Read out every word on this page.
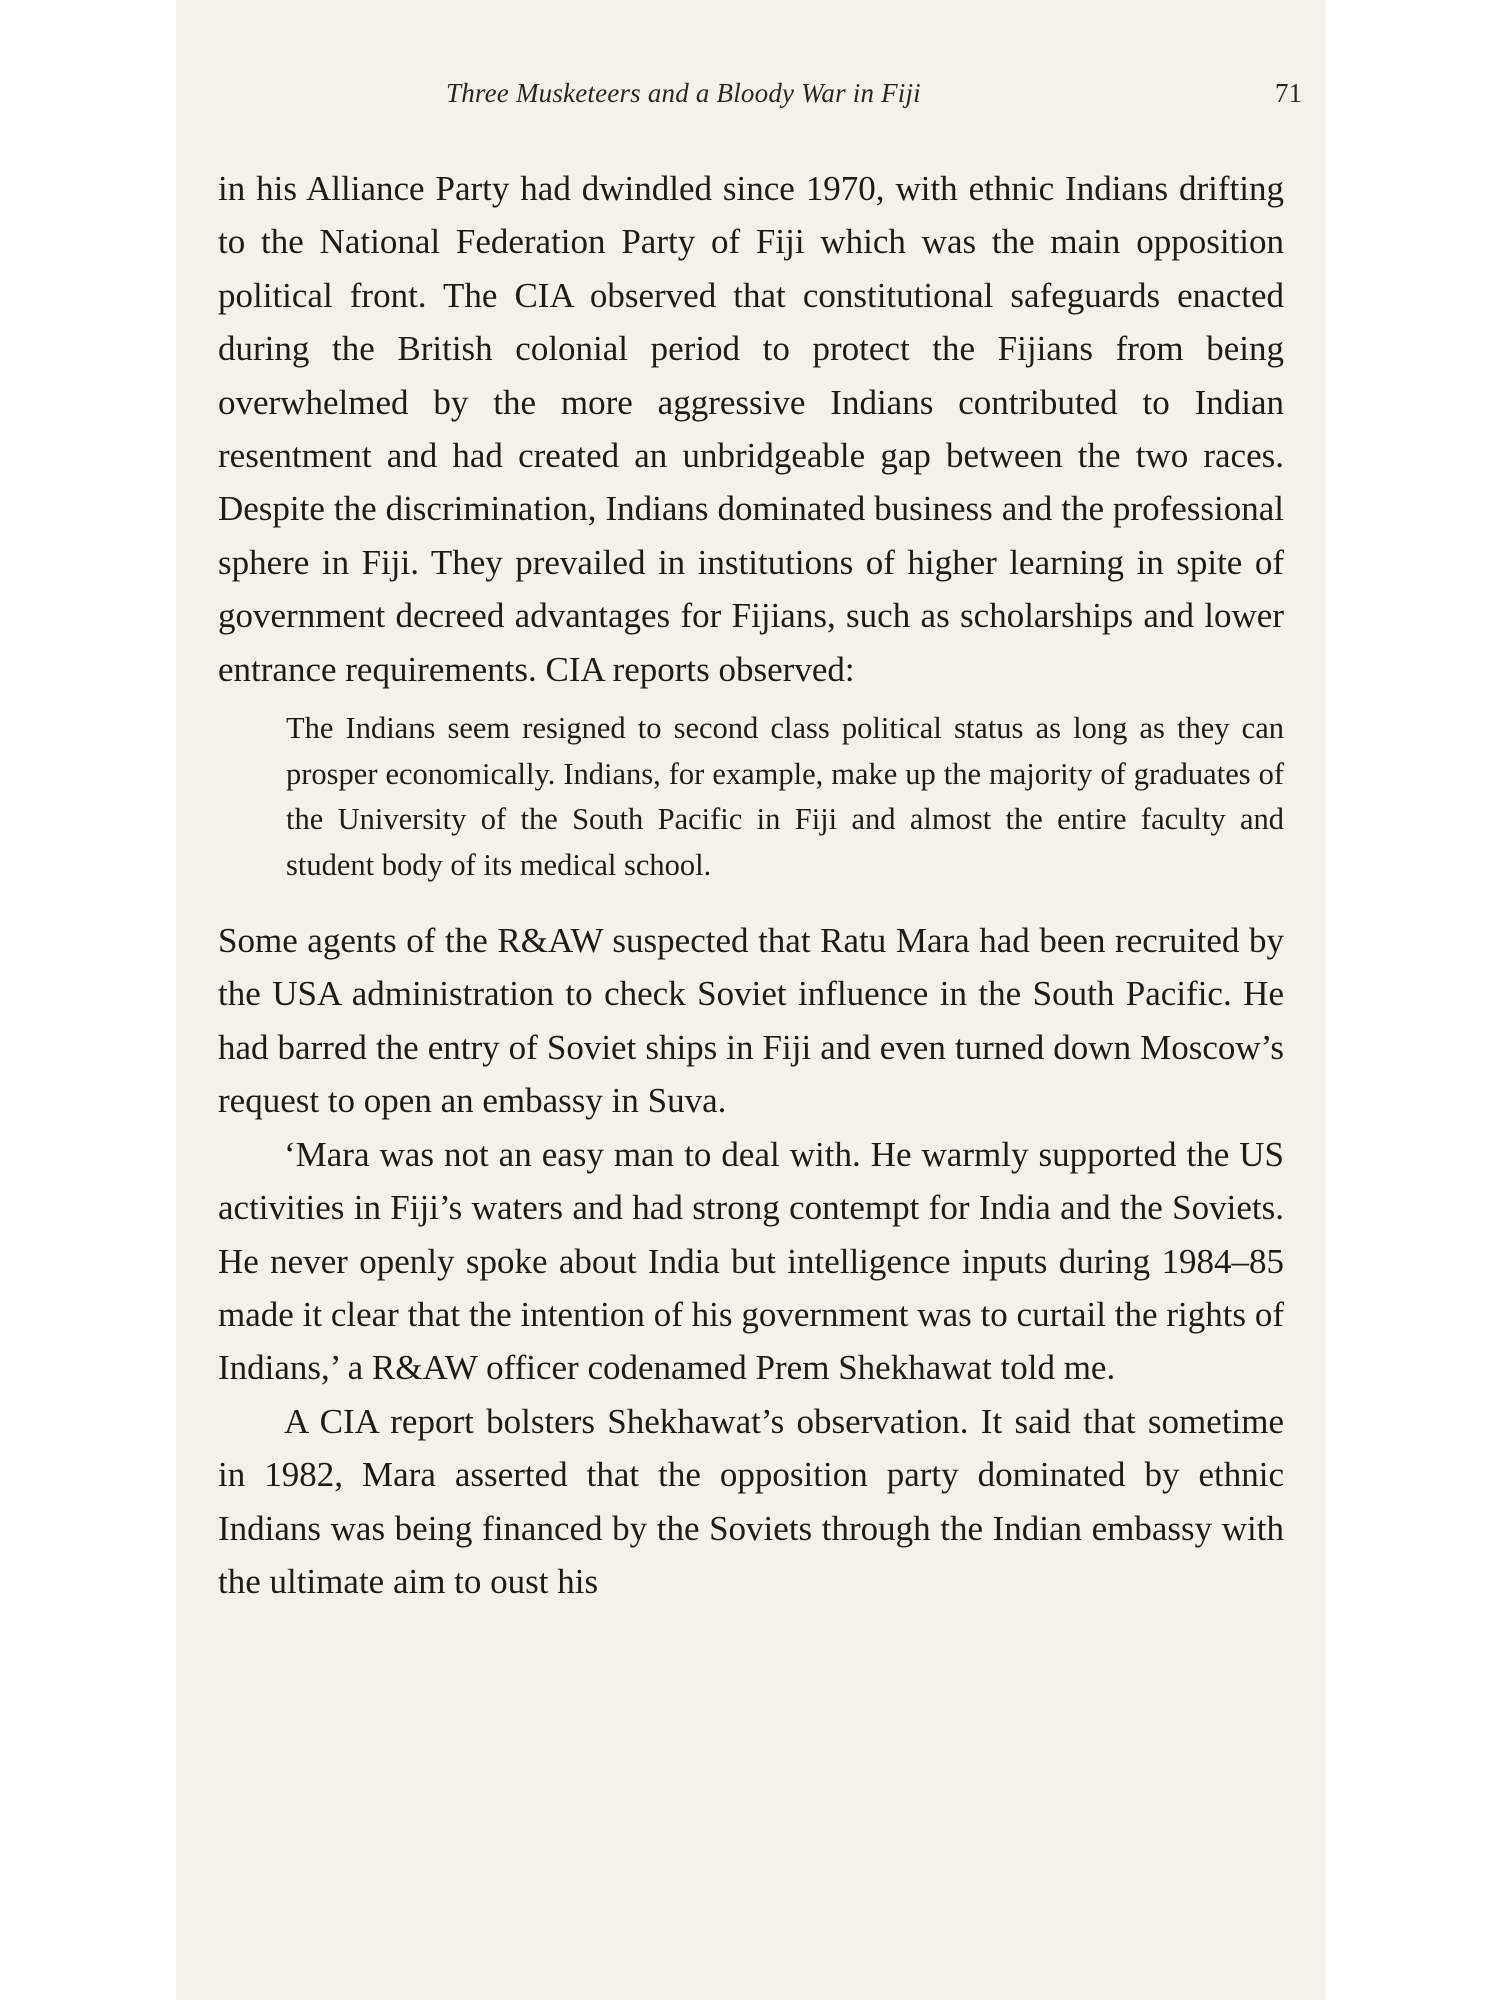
Three Musketeers and a Bloody War in Fiji	71

in his Alliance Party had dwindled since 1970, with ethnic Indians drifting to the National Federation Party of Fiji which was the main opposition political front. The CIA observed that constitutional safeguards enacted during the British colonial period to protect the Fijians from being overwhelmed by the more aggressive Indians contributed to Indian resentment and had created an unbridgeable gap between the two races. Despite the discrimination, Indians dominated business and the professional sphere in Fiji. They prevailed in institutions of higher learning in spite of government decreed advantages for Fijians, such as scholarships and lower entrance requirements. CIA reports observed:

The Indians seem resigned to second class political status as long as they can prosper economically. Indians, for example, make up the majority of graduates of the University of the South Pacific in Fiji and almost the entire faculty and student body of its medical school.

Some agents of the R&AW suspected that Ratu Mara had been recruited by the USA administration to check Soviet influence in the South Pacific. He had barred the entry of Soviet ships in Fiji and even turned down Moscow’s request to open an embassy in Suva.

‘Mara was not an easy man to deal with. He warmly supported the US activities in Fiji’s waters and had strong contempt for India and the Soviets. He never openly spoke about India but intelligence inputs during 1984–85 made it clear that the intention of his government was to curtail the rights of Indians,’ a R&AW officer codenamed Prem Shekhawat told me.

A CIA report bolsters Shekhawat’s observation. It said that sometime in 1982, Mara asserted that the opposition party dominated by ethnic Indians was being financed by the Soviets through the Indian embassy with the ultimate aim to oust his
